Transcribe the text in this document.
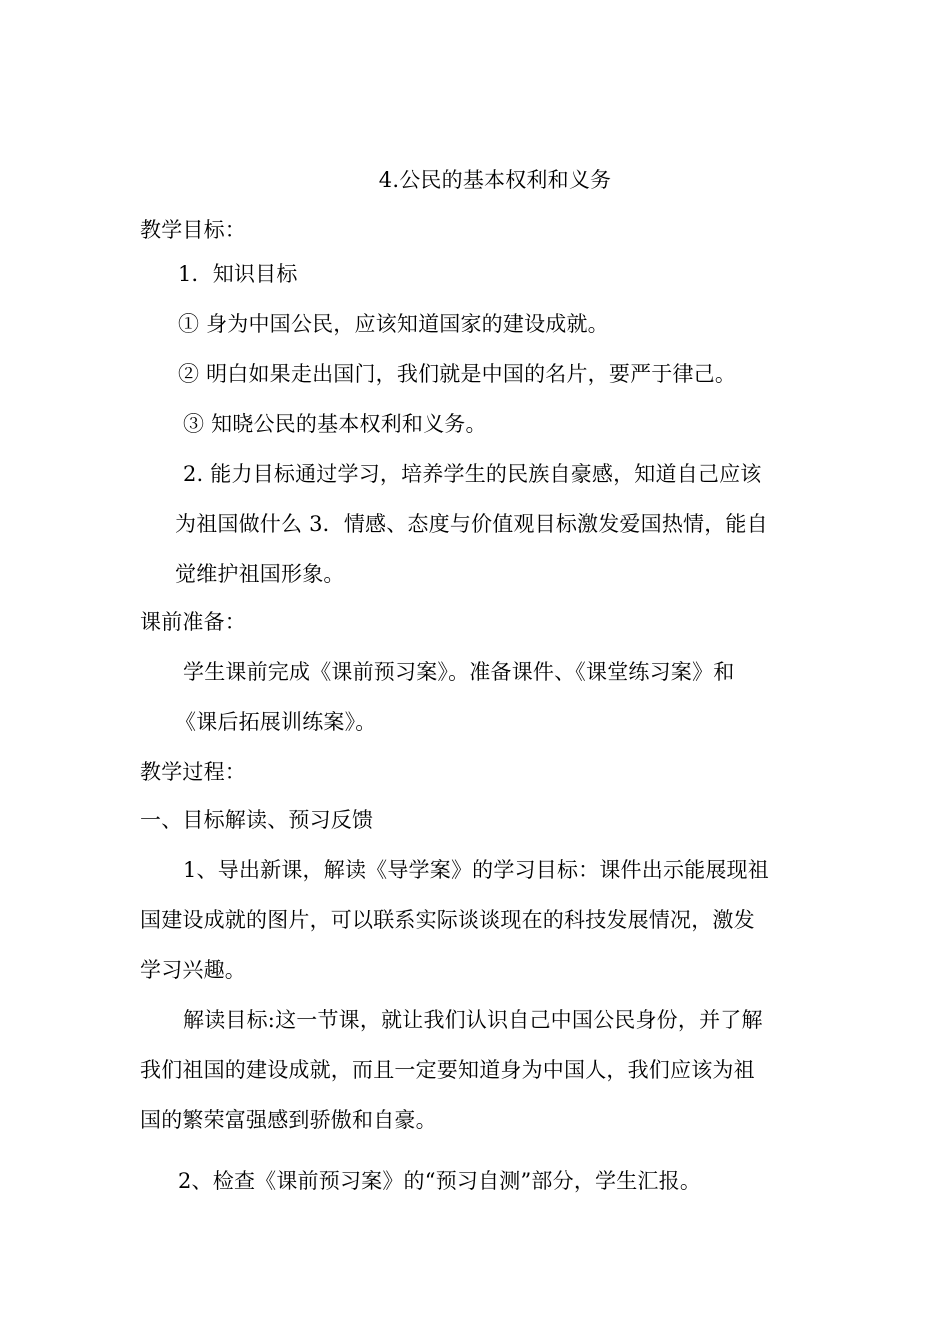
4.公民的基本权利和义务
教学目标：
1．知识目标
① 身为中国公民，应该知道国家的建设成就。
② 明白如果走出国门，我们就是中国的名片，要严于律己。
③ 知晓公民的基本权利和义务。
2. 能力目标通过学习，培养学生的民族自豪感，知道自己应该
为祖国做什么 3．情感、态度与价值观目标激发爱国热情，能自
觉维护祖国形象。
课前准备：
学生课前完成《课前预习案》。准备课件、《课堂练习案》和
《课后拓展训练案》。
教学过程：
一、目标解读、预习反馈
1、导出新课，解读《导学案》的学习目标：课件出示能展现祖
国建设成就的图片，可以联系实际谈谈现在的科技发展情况，激发
学习兴趣。
解读目标:这一节课，就让我们认识自己中国公民身份，并了解
我们祖国的建设成就，而且一定要知道身为中国人，我们应该为祖
国的繁荣富强感到骄傲和自豪。
2、检查《课前预习案》的“预习自测”部分，学生汇报。
